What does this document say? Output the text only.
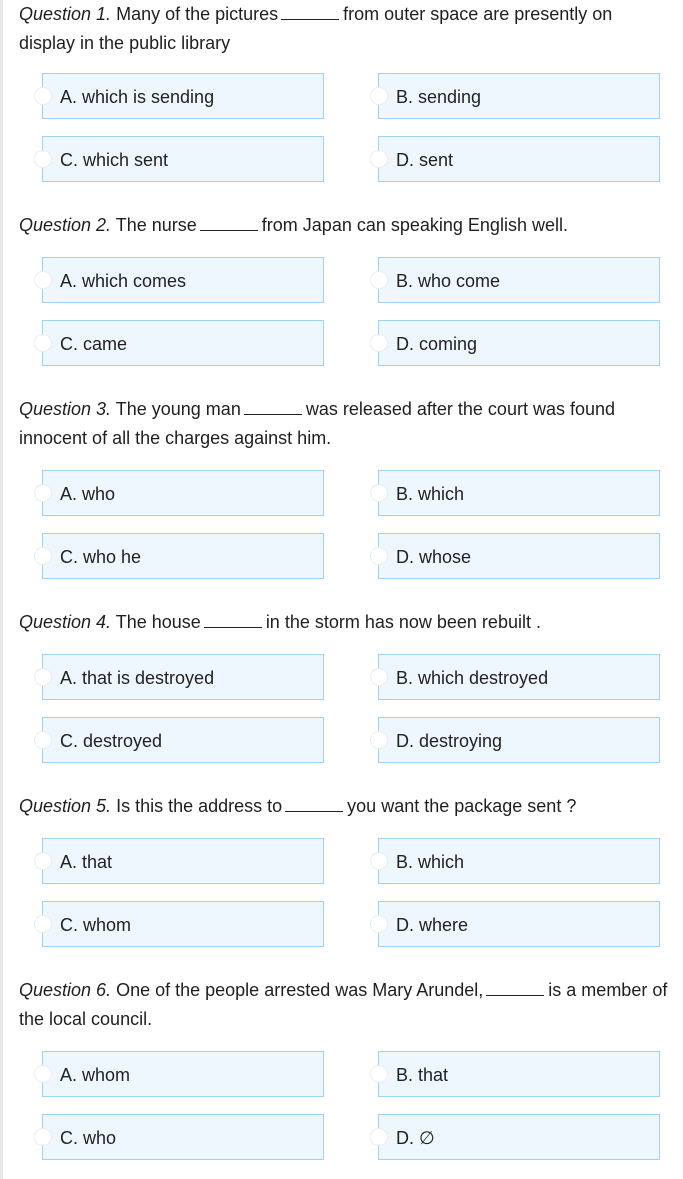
Question 1. Many of the pictures	from outer space are presently on display in the public library
A. which is sending	B. sending
C. which sent	D. sent
Question 2. The nurse	from Japan can speaking English well.
A. which comes	B. who come
C. came	D. coming
Question 3. The young man	was released after the court was found innocent of all the charges against him.
A. who	B. which
C. who he	D. whose
Question 4. The house	in the storm has now been rebuilt .
A. that is destroyed	B. which destroyed
C. destroyed	D. destroying
Question 5. Is this the address to	you want the package sent ?
A. that	B. which
C. whom	D. where
Question 6. One of the people arrested was Mary Arundel,	is a member of the local council.
A. whom	B. that
C. who	D. ∅
